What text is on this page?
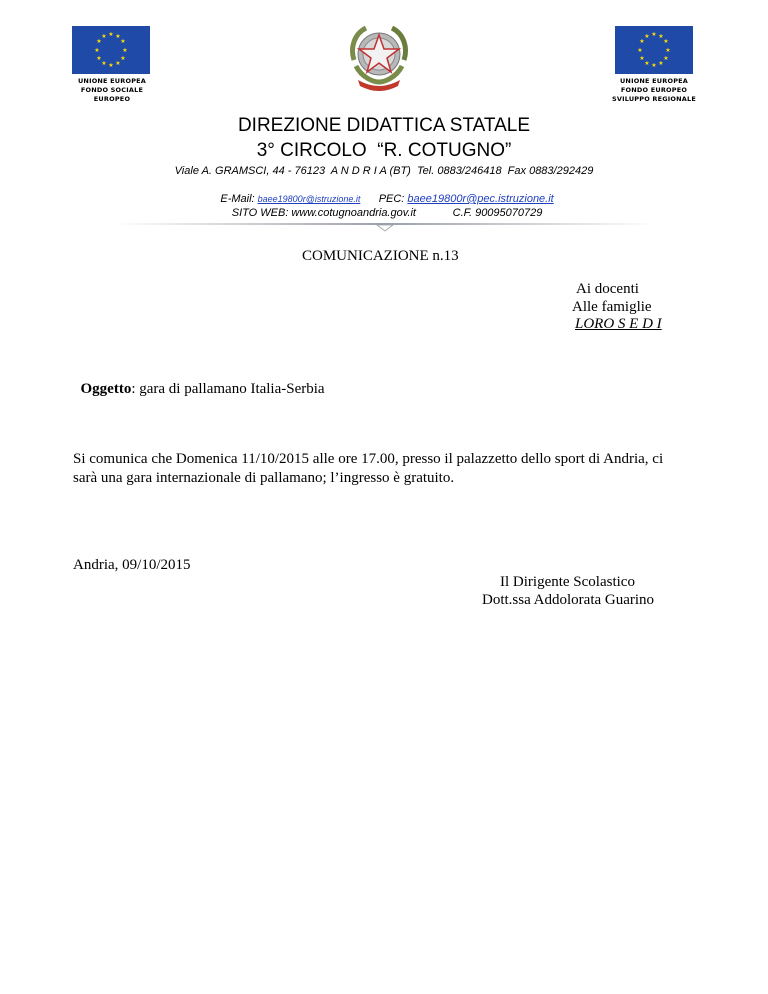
★ ★
★
★
★
★
★
★
★
★
★
★
UNIONE EUROPEA
FONDO SOCIALE EUROPEO
★ ★
★
★
★
★
★
★
★
★
★
★
UNIONE EUROPEA
FONDO EUROPEO
SVILUPPO REGIONALE
DIREZIONE DIDATTICA STATALE
3° CIRCOLO  “R. COTUGNO”
Viale A. GRAMSCI, 44 - 76123  A N D R I A (BT)  Tel. 0883/246418  Fax 0883/292429

E-Mail: baee19800r@istruzione.it PEC: baee19800r@pec.istruzione.it

SITO WEB: www.cotugnoandria.gov.it	C.F. 90095070729

COMUNICAZIONE n.13
Ai docenti
Alle famiglie
LORO S E D I

Oggetto: gara di pallamano Italia-Serbia

Si comunica che Domenica 11/10/2015 alle ore 17.00, presso il palazzetto dello sport di Andria, ci
sarà una gara internazionale di pallamano; l’ingresso è gratuito.
Andria, 09/10/2015
Il Dirigente Scolastico
Dott.ssa Addolorata Guarino
